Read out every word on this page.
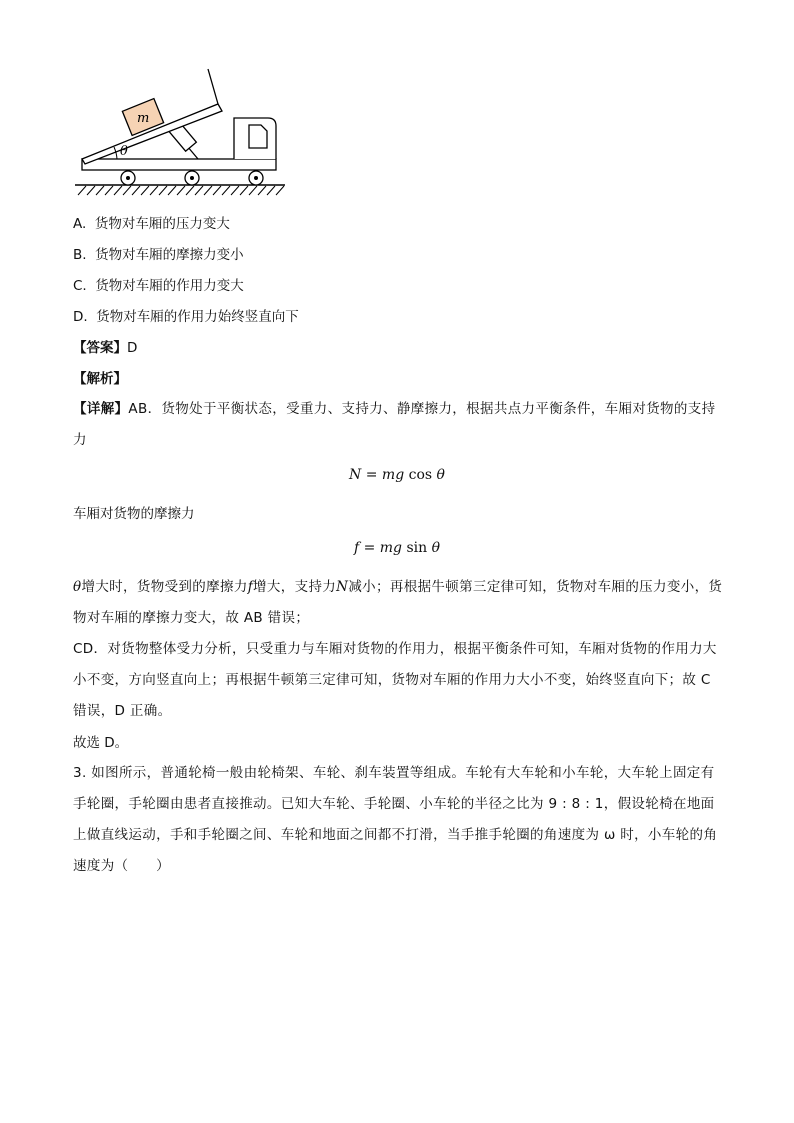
θ
m
A. 货物对车厢的压力变大
B. 货物对车厢的摩擦力变小
C. 货物对车厢的作用力变大
D. 货物对车厢的作用力始终竖直向下
【答案】D
【解析】
【详解】AB．货物处于平衡状态，受重力、支持力、静摩擦力，根据共点力平衡条件，车厢对货物的支持力
N = mg cos θ
车厢对货物的摩擦力
f = mg sin θ
θ增大时，货物受到的摩擦力f增大，支持力N减小；再根据牛顿第三定律可知，货物对车厢的压力变小，货物对车厢的摩擦力变大，故 AB 错误；
CD．对货物整体受力分析，只受重力与车厢对货物的作用力，根据平衡条件可知，车厢对货物的作用力大小不变，方向竖直向上；再根据牛顿第三定律可知，货物对车厢的作用力大小不变，始终竖直向下；故 C 错误，D 正确。
故选 D。
3. 如图所示，普通轮椅一般由轮椅架、车轮、刹车装置等组成。车轮有大车轮和小车轮，大车轮上固定有手轮圈，手轮圈由患者直接推动。已知大车轮、手轮圈、小车轮的半径之比为 9 : 8 : 1，假设轮椅在地面上做直线运动，手和手轮圈之间、车轮和地面之间都不打滑，当手推手轮圈的角速度为 ω 时，小车轮的角速度为（　　）
